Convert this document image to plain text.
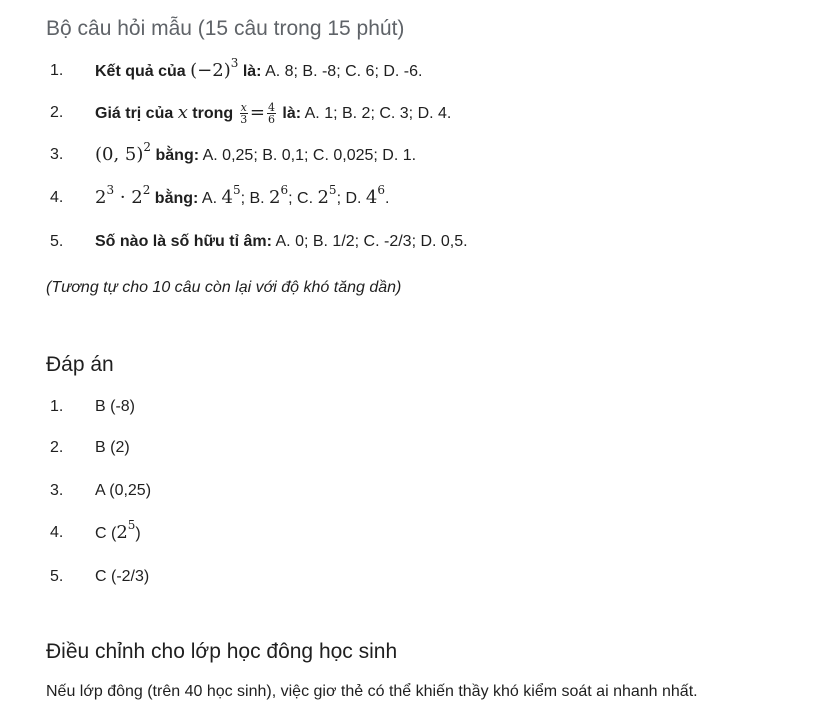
Bộ câu hỏi mẫu (15 câu trong 15 phút)
1. Kết quả của $(-2)^3$ là: A. 8; B. -8; C. 6; D. -6.
2. Giá trị của x trong $\frac{x}{3} = \frac{4}{6}$ là: A. 1; B. 2; C. 3; D. 4.
3. (0, 5)$^2$ bằng: A. 0,25; B. 0,1; C. 0,025; D. 1.
4. $2^3 \cdot 2^2$ bằng: A. $4^5$; B. $2^6$; C. $2^5$; D. $4^6$.
5. Số nào là số hữu tỉ âm: A. 0; B. 1/2; C. -2/3; D. 0,5.
(Tương tự cho 10 câu còn lại với độ khó tăng dần)
Đáp án
1. B (-8)
2. B (2)
3. A (0,25)
4. C $(2^5)$
5. C (-2/3)
Điều chỉnh cho lớp học đông học sinh
Nếu lớp đông (trên 40 học sinh), việc giơ thẻ có thể khiến thầy khó kiểm soát ai nhanh nhất.
